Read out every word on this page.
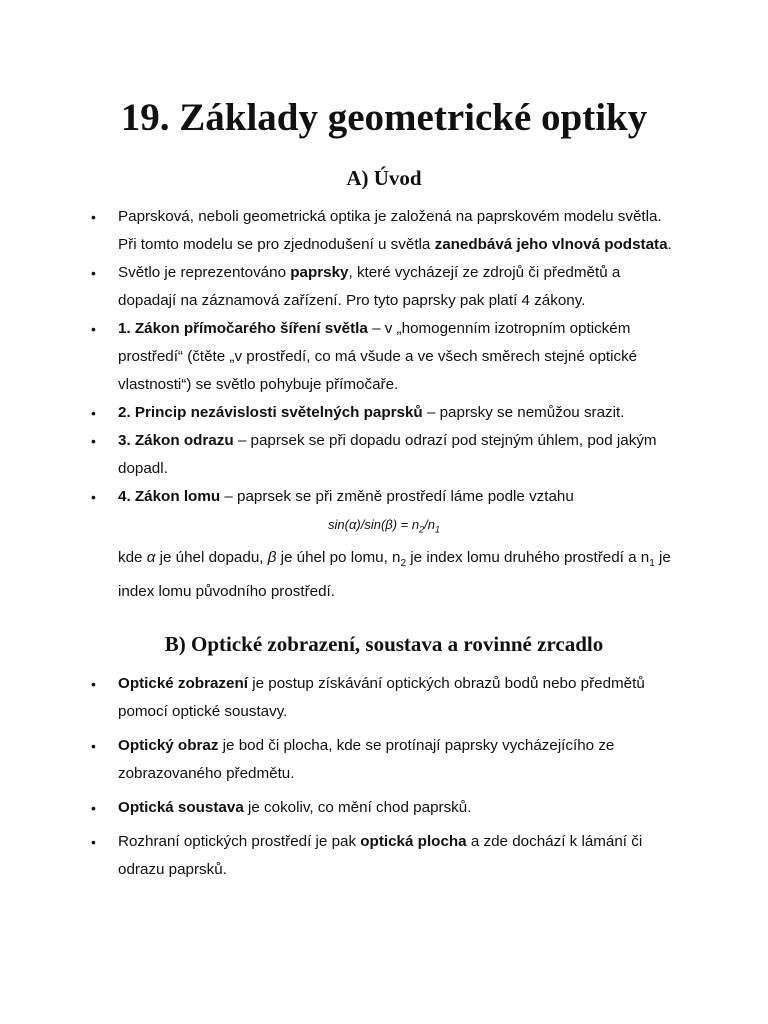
19. Základy geometrické optiky
A) Úvod
• Paprsková, neboli geometrická optika je založená na paprskovém modelu světla. Při tomto modelu se pro zjednodušení u světla zanedbává jeho vlnová podstata.
• Světlo je reprezentováno paprsky, které vycházejí ze zdrojů či předmětů a dopadají na záznamová zařízení. Pro tyto paprsky pak platí 4 zákony.
• 1. Zákon přímočarého šíření světla – v „homogenním izotropním optickém prostředí“ (čtěte „v prostředí, co má všude a ve všech směrech stejné optické vlastnosti“) se světlo pohybuje přímočaře.
• 2. Princip nezávislosti světelných paprsků – paprsky se nemůžou srazit.
• 3. Zákon odrazu – paprsek se při dopadu odrazí pod stejným úhlem, pod jakým dopadl.
• 4. Zákon lomu – paprsek se při změně prostředí láme podle vztahu
$\sin(\alpha)/\sin(\beta) = n_2/n_1$
kde α je úhel dopadu, β je úhel po lomu, $n_2$ je index lomu druhého prostředí a $n_1$ je index lomu původního prostředí.
B) Optické zobrazení, soustava a rovinné zrcadlo
• Optické zobrazení je postup získávání optických obrazů bodů nebo předmětů pomocí optické soustavy.
• Optický obraz je bod či plocha, kde se protínají paprsky vycházejícího ze zobrazovaného předmětu.
• Optická soustava je cokoliv, co mění chod paprsků.
• Rozhraní optických prostředí je pak optická plocha a zde dochází k lámání či odrazu paprsků.
